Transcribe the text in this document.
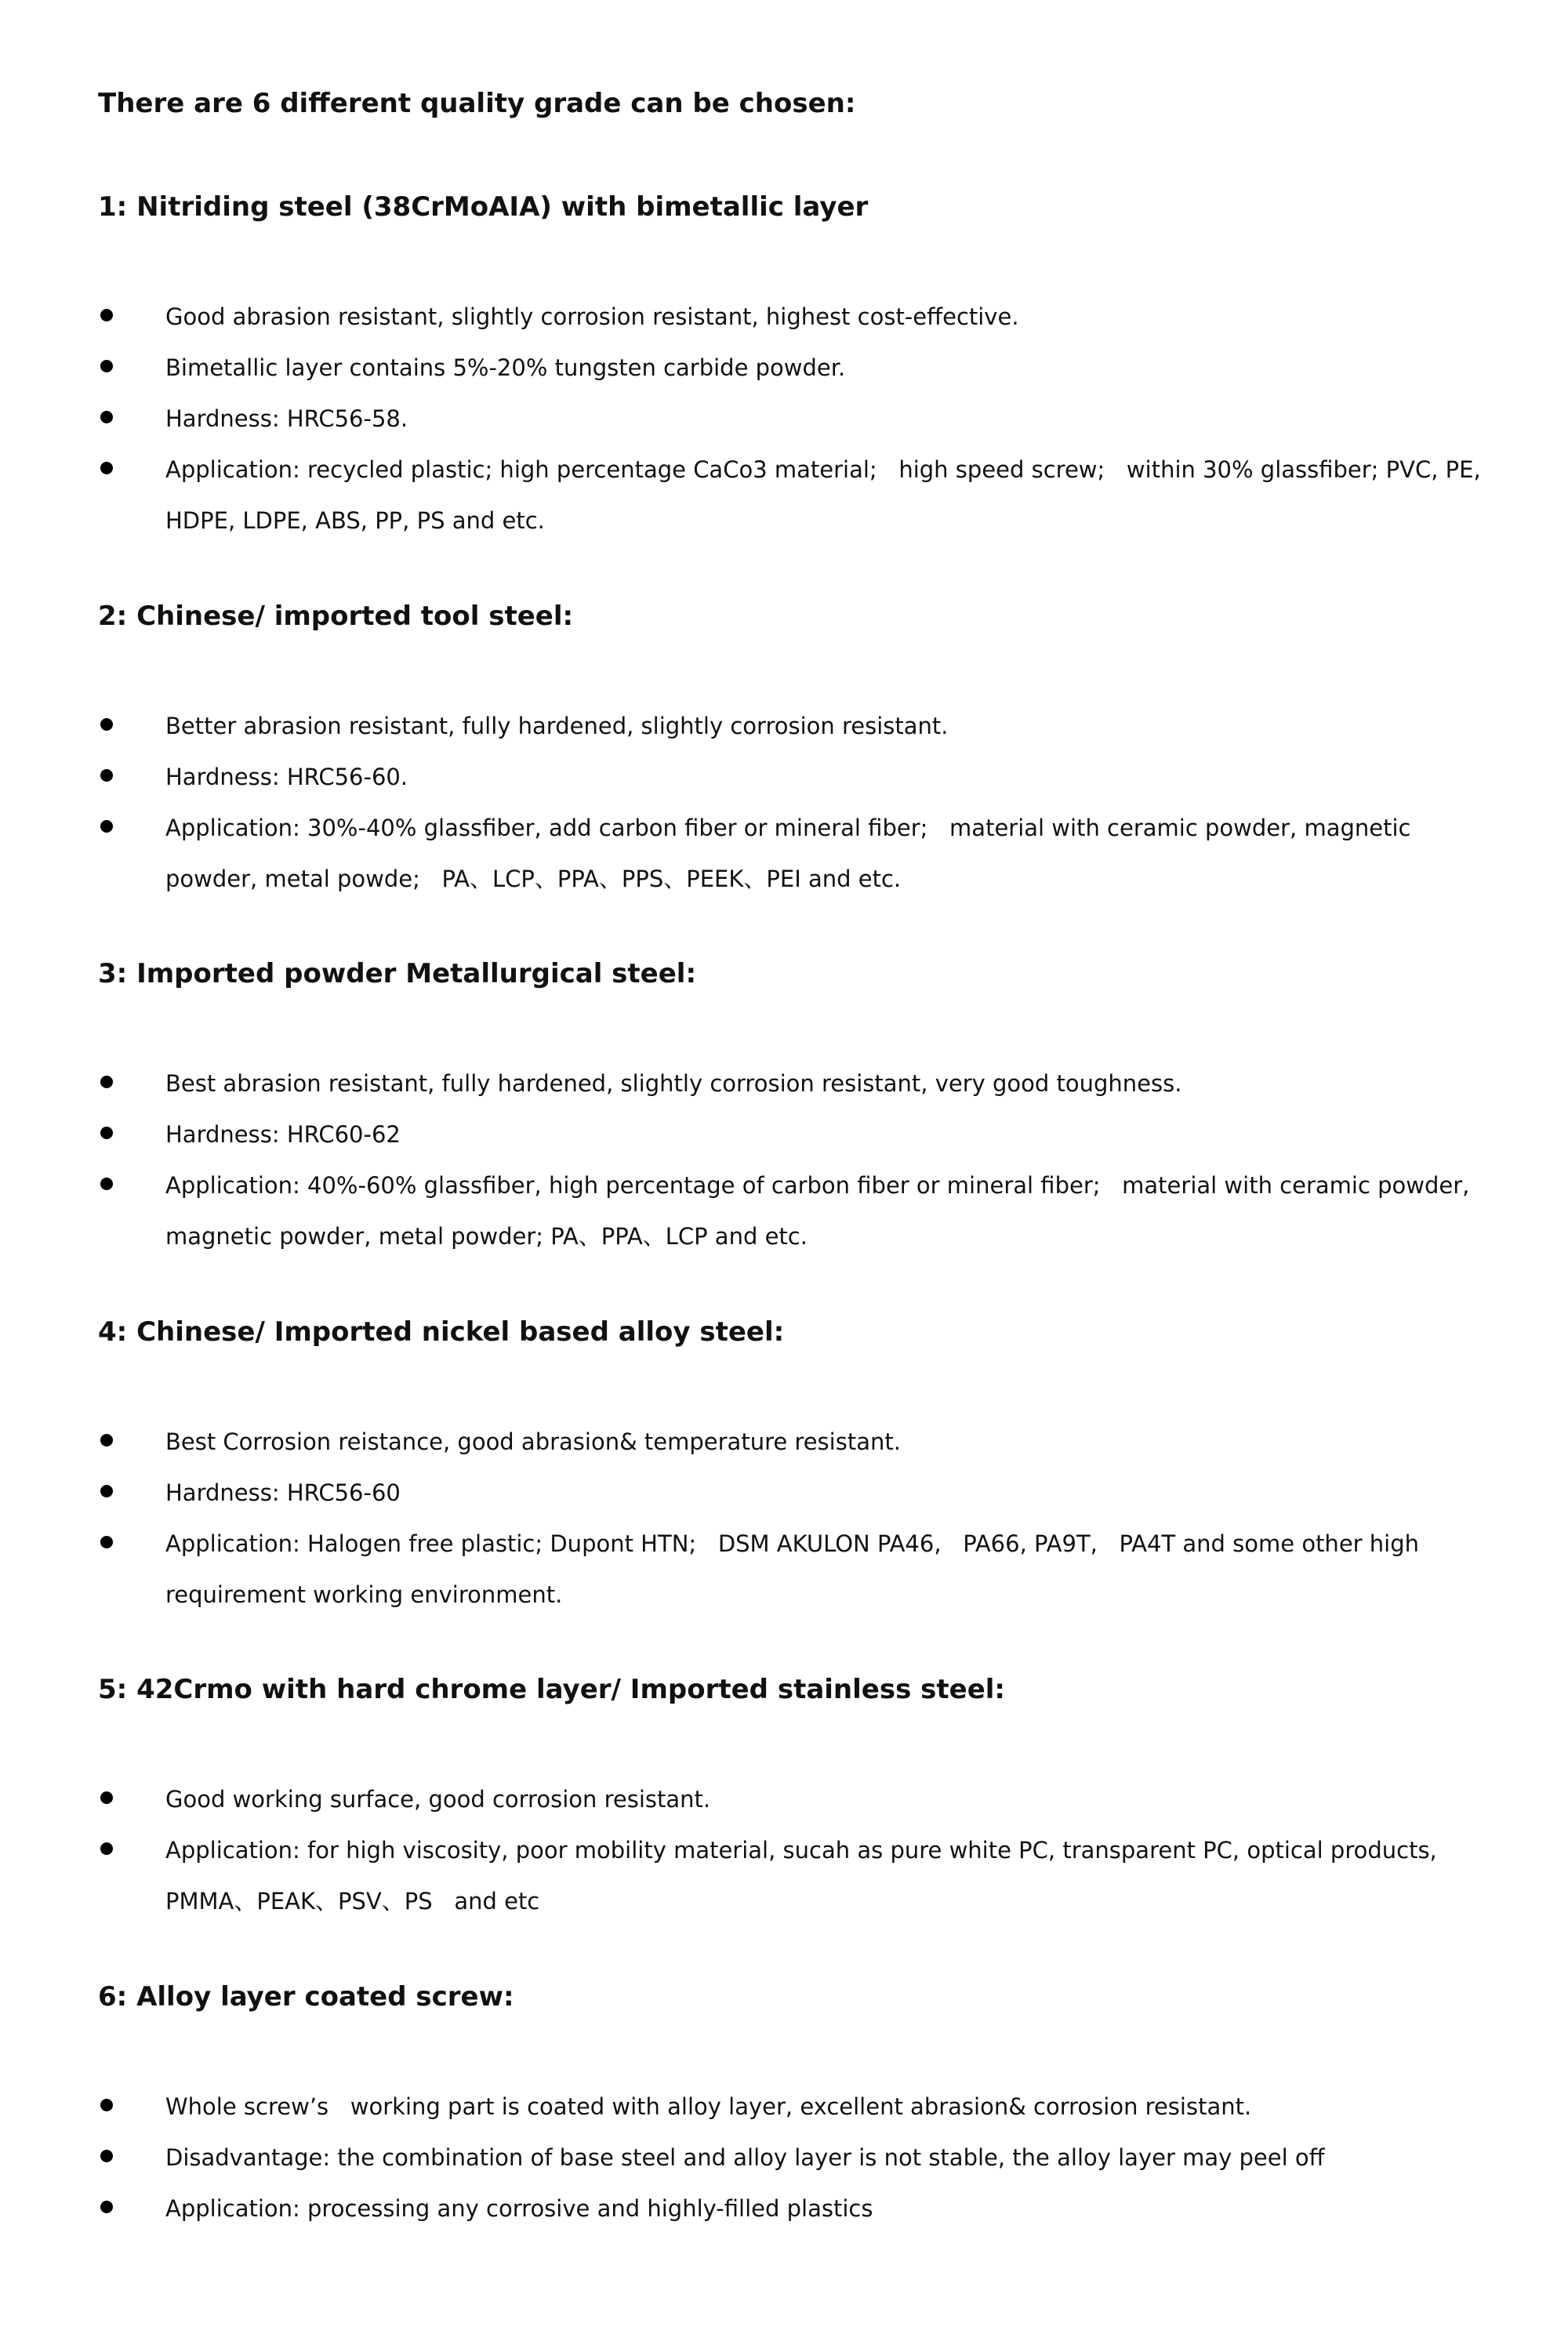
There are 6 different quality grade can be chosen:
1: Nitriding steel (38CrMoAIA) with bimetallic layer
Good abrasion resistant, slightly corrosion resistant, highest cost-effective.
Bimetallic layer contains 5%-20% tungsten carbide powder.
Hardness: HRC56-58.
Application: recycled plastic; high percentage CaCo3 material;   high speed screw;   within 30% glassfiber; PVC, PE, HDPE, LDPE, ABS, PP, PS and etc.
2: Chinese/ imported tool steel:
Better abrasion resistant, fully hardened, slightly corrosion resistant.
Hardness: HRC56-60.
Application: 30%-40% glassfiber, add carbon fiber or mineral fiber;   material with ceramic powder, magnetic powder, metal powde;   PA、LCP、PPA、PPS、PEEK、PEI and etc.
3: Imported powder Metallurgical steel:
Best abrasion resistant, fully hardened, slightly corrosion resistant, very good toughness.
Hardness: HRC60-62
Application: 40%-60% glassfiber, high percentage of carbon fiber or mineral fiber;   material with ceramic powder, magnetic powder, metal powder; PA、PPA、LCP and etc.
4: Chinese/ Imported nickel based alloy steel:
Best Corrosion reistance, good abrasion& temperature resistant.
Hardness: HRC56-60
Application: Halogen free plastic; Dupont HTN;   DSM AKULON PA46,   PA66, PA9T,   PA4T and some other high requirement working environment.
5: 42Crmo with hard chrome layer/ Imported stainless steel:
Good working surface, good corrosion resistant.
Application: for high viscosity, poor mobility material, sucah as pure white PC, transparent PC, optical products, PMMA、PEAK、PSV、PS   and etc
6: Alloy layer coated screw:
Whole screw’s   working part is coated with alloy layer, excellent abrasion& corrosion resistant.
Disadvantage: the combination of base steel and alloy layer is not stable, the alloy layer may peel off
Application: processing any corrosive and highly-filled plastics
